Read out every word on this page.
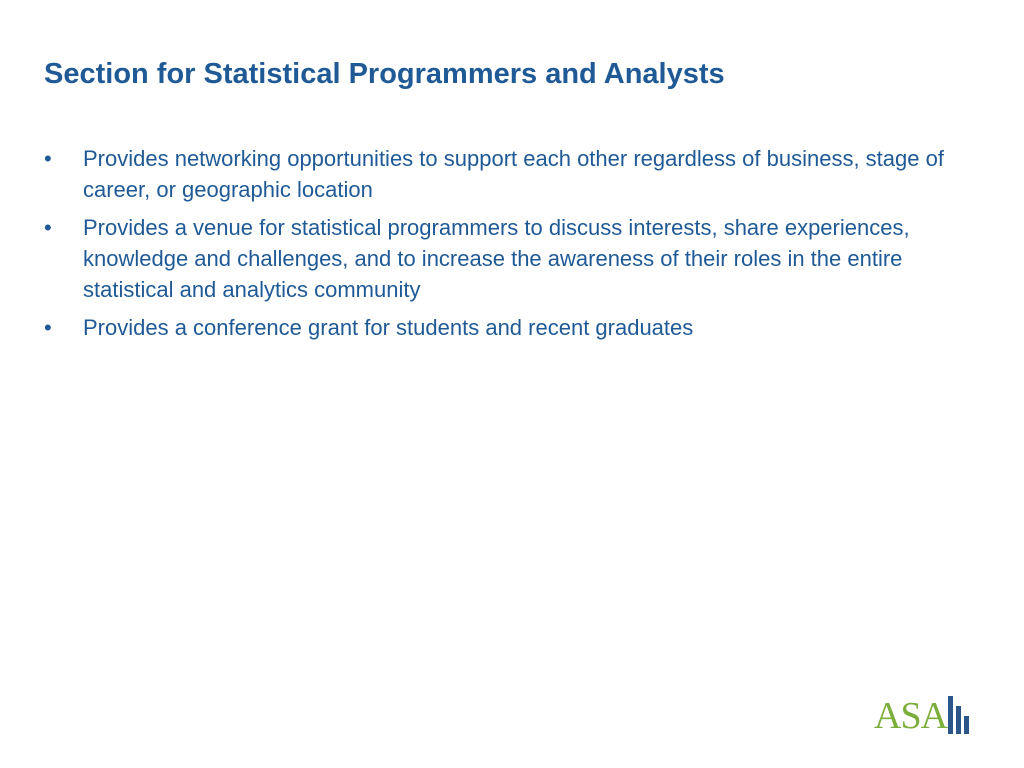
Section for Statistical Programmers and Analysts
•	Provides networking opportunities to support each other regardless of business, stage of career, or geographic location
•	Provides a venue for statistical programmers to discuss interests, share experiences, knowledge and challenges, and to increase the awareness of their roles in the entire statistical and analytics community
•	Provides a conference grant for students and recent graduates
ASA
